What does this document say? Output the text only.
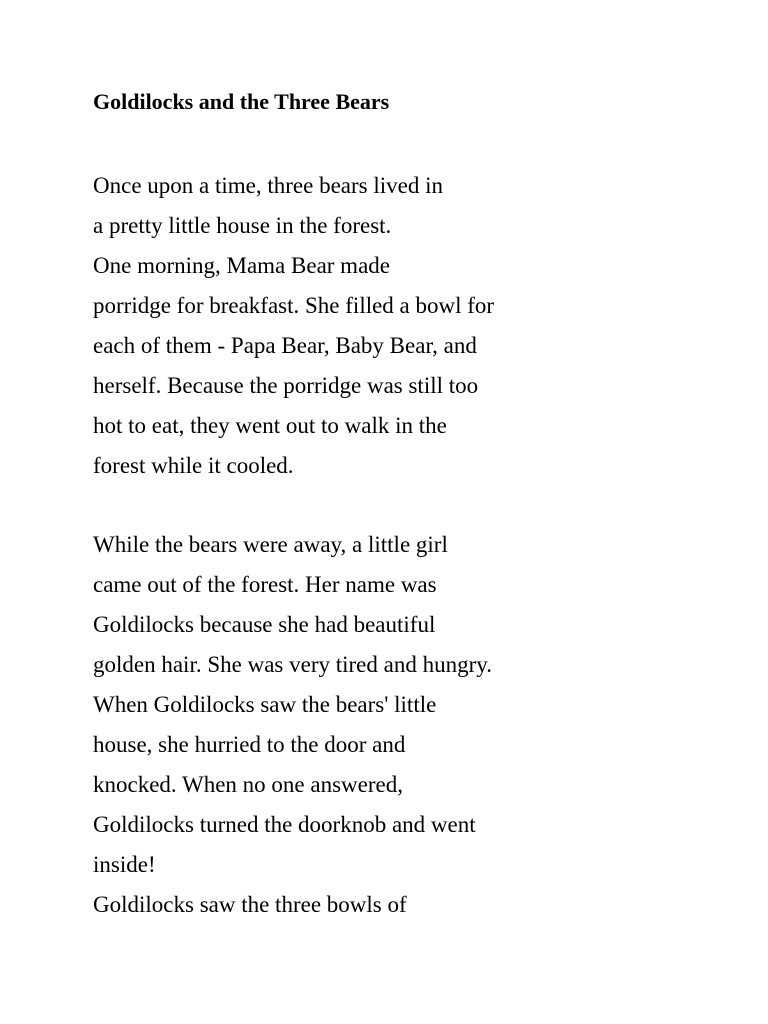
Goldilocks and the Three Bears
Once upon a time, three bears lived in
a pretty little house in the forest.
One morning, Mama Bear made
porridge for breakfast. She filled a bowl for
each of them - Papa Bear, Baby Bear, and
herself. Because the porridge was still too
hot to eat, they went out to walk in the
forest while it cooled.
While the bears were away, a little girl
came out of the forest. Her name was
Goldilocks because she had beautiful
golden hair. She was very tired and hungry.
When Goldilocks saw the bears' little
house, she hurried to the door and
knocked. When no one answered,
Goldilocks turned the doorknob and went
inside!
Goldilocks saw the three bowls of
